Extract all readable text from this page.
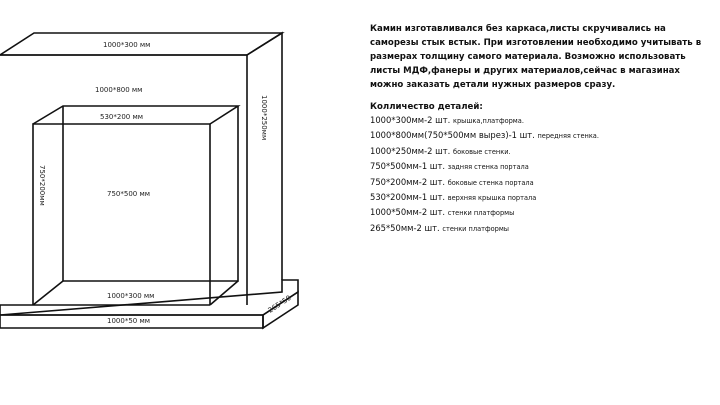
1000*300 мм
1000*800 мм
530*200 мм
750*500 мм
1000*300 мм
1000*50 мм
1000*250мм
750*200мм
265*50

Камин изготавливался без каркаса,листы скручивались на саморезы стык встык. При изготовлении необходимо учитывать в размерах толщину самого материала. Возможно использовать листы МДФ,фанеры и других материалов,сейчас в магазинах можно заказать детали нужных размеров сразу.

Колличество деталей:

1000*300мм-2 шт. крышка,платформа.

1000*800мм(750*500мм вырез)-1 шт. передняя стенка.

1000*250мм-2 шт. боковые стенки.

750*500мм-1 шт. задняя стенка портала

750*200мм-2 шт. боковые стенка портала

530*200мм-1 шт. верхняя крышка портала

1000*50мм-2 шт. стенки платформы

265*50мм-2 шт. стенки платформы
